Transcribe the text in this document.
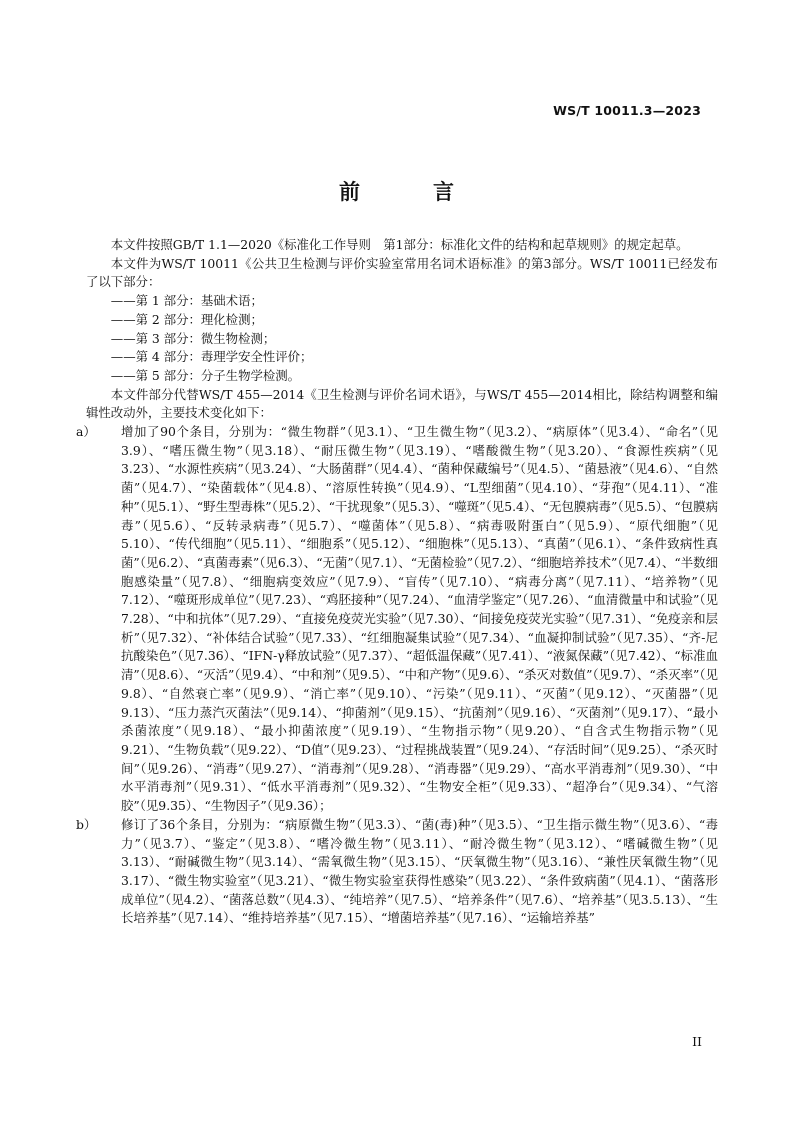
WS/T 10011.3—2023
前　言

本文件按照GB/T 1.1—2020《标准化工作导则　第1部分：标准化文件的结构和起草规则》的规定起草。

本文件为WS/T 10011《公共卫生检测与评价实验室常用名词术语标准》的第3部分。WS/T 10011已经发布了以下部分：

——第 1 部分：基础术语；

——第 2 部分：理化检测；

——第 3 部分：微生物检测；

——第 4 部分：毒理学安全性评价；

——第 5 部分：分子生物学检测。

本文件部分代替WS/T 455—2014《卫生检测与评价名词术语》，与WS/T 455—2014相比，除结构调整和编辑性改动外，主要技术变化如下：

a） 增加了90个条目，分别为：“微生物群”（见3.1）、“卫生微生物”（见3.2）、“病原体”（见3.4）、“命名”（见3.9）、“嗜压微生物”（见3.18）、“耐压微生物”（见3.19）、“嗜酸微生物”（见3.20）、“食源性疾病”（见3.23）、“水源性疾病”（见3.24）、“大肠菌群”（见4.4）、“菌种保藏编号”（见4.5）、“菌悬液”（见4.6）、“自然菌”（见4.7）、“染菌载体”（见4.8）、“溶原性转换”（见4.9）、“L型细菌”（见4.10）、“芽孢”（见4.11）、“准种”（见5.1）、“野生型毒株”（见5.2）、“干扰现象”（见5.3）、“噬斑”（见5.4）、“无包膜病毒”（见5.5）、“包膜病毒”（见5.6）、“反转录病毒”（见5.7）、“噬菌体”（见5.8）、“病毒吸附蛋白”（见5.9）、“原代细胞”（见5.10）、“传代细胞”（见5.11）、“细胞系”（见5.12）、“细胞株”（见5.13）、“真菌”（见6.1）、“条件致病性真菌”（见6.2）、“真菌毒素”（见6.3）、“无菌”（见7.1）、“无菌检验”（见7.2）、“细胞培养技术”（见7.4）、“半数细胞感染量”（见7.8）、“细胞病变效应”（见7.9）、“盲传”（见7.10）、“病毒分离”（见7.11）、“培养物”（见7.12）、“噬斑形成单位”（见7.23）、“鸡胚接种”（见7.24）、“血清学鉴定”（见7.26）、“血清微量中和试验”（见7.28）、“中和抗体”（见7.29）、“直接免疫荧光实验”（见7.30）、“间接免疫荧光实验”（见7.31）、“免疫亲和层析”（见7.32）、“补体结合试验”（见7.33）、“红细胞凝集试验”（见7.34）、“血凝抑制试验”（见7.35）、“齐-尼抗酸染色”（见7.36）、“IFN-γ释放试验”（见7.37）、“超低温保藏”（见7.41）、“液氮保藏”（见7.42）、“标准血清”（见8.6）、“灭活”（见9.4）、“中和剂”（见9.5）、“中和产物”（见9.6）、“杀灭对数值”（见9.7）、“杀灭率”（见9.8）、“自然衰亡率”（见9.9）、“消亡率”（见9.10）、“污染”（见9.11）、“灭菌”（见9.12）、“灭菌器”（见9.13）、“压力蒸汽灭菌法”（见9.14）、“抑菌剂”（见9.15）、“抗菌剂”（见9.16）、“灭菌剂”（见9.17）、“最小杀菌浓度”（见9.18）、“最小抑菌浓度”（见9.19）、“生物指示物”（见9.20）、“自含式生物指示物”（见9.21）、“生物负载”（见9.22）、“D值”（见9.23）、“过程挑战装置”（见9.24）、“存活时间”（见9.25）、“杀灭时间”（见9.26）、“消毒”（见9.27）、“消毒剂”（见9.28）、“消毒器”（见9.29）、“高水平消毒剂”（见9.30）、“中水平消毒剂”（见9.31）、“低水平消毒剂”（见9.32）、“生物安全柜”（见9.33）、“超净台”（见9.34）、“气溶胶”（见9.35）、“生物因子”（见9.36）；
b） 修订了36个条目，分别为：“病原微生物”（见3.3）、“菌(毒)种”（见3.5）、“卫生指示微生物”（见3.6）、“毒力”（见3.7）、“鉴定”（见3.8）、“嗜冷微生物”（见3.11）、“耐冷微生物”（见3.12）、“嗜碱微生物”（见3.13）、“耐碱微生物”（见3.14）、“需氧微生物”（见3.15）、“厌氧微生物”（见3.16）、“兼性厌氧微生物”（见3.17）、“微生物实验室”（见3.21）、“微生物实验室获得性感染”（见3.22）、“条件致病菌”（见4.1）、“菌落形成单位”（见4.2）、“菌落总数”（见4.3）、“纯培养”（见7.5）、“培养条件”（见7.6）、“培养基”（见3.5.13）、“生长培养基”（见7.14）、“维持培养基”（见7.15）、“增菌培养基”（见7.16）、“运输培养基”
II
